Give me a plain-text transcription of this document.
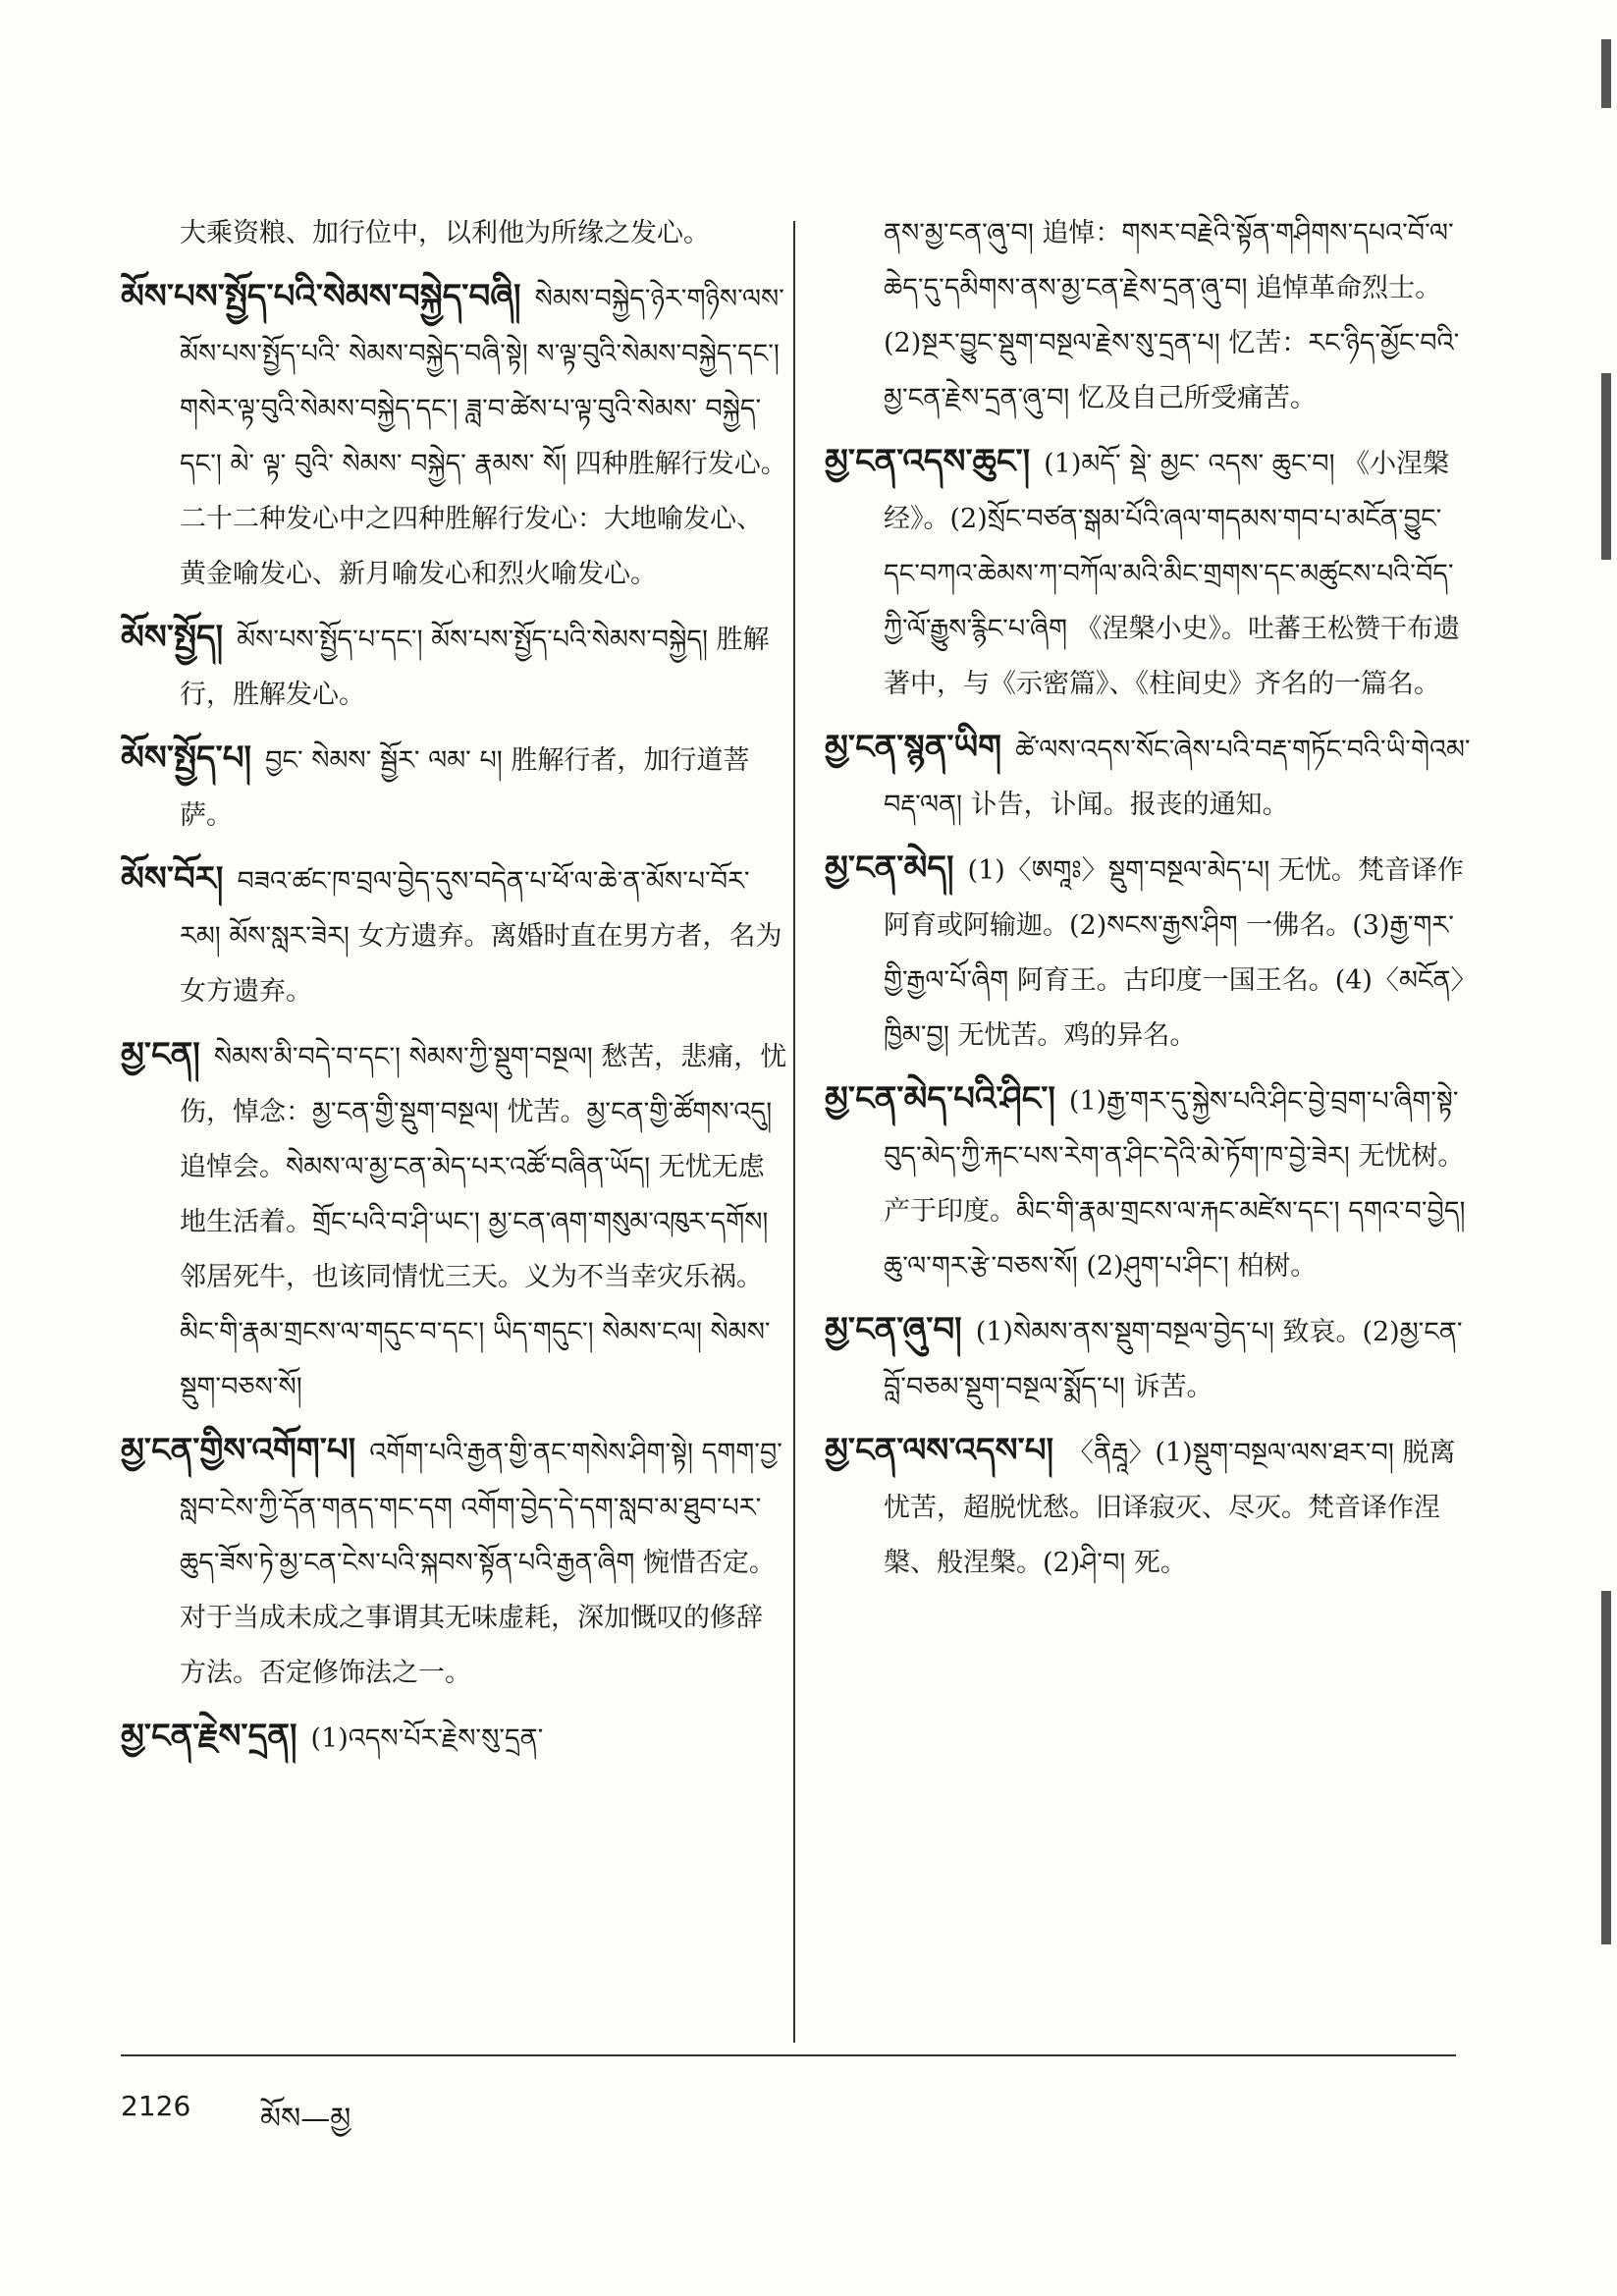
大乘资粮、加行位中，以利他为所缘之发心。
མོས་པས་སྤྱོད་པའི་སེམས་བསྐྱེད་བཞི། སེམས་བསྐྱེད་ཉེར་གཉིས་ལས་མོས་པས་སྤྱོད་པའི་ སེམས་བསྐྱེད་བཞི་སྟེ། ས་ལྟ་བུའི་སེམས་བསྐྱེད་དང་། གསེར་ལྟ་བུའི་སེམས་བསྐྱེད་དང་། ཟླ་བ་ཚེས་པ་ལྟ་བུའི་སེམས་ བསྐྱེད་ དང་། མེ་ ལྟ་ བུའི་ སེམས་ བསྐྱེད་ རྣམས་ སོ། 四种胜解行发心。二十二种发心中之四种胜解行发心：大地喻发心、黄金喻发心、新月喻发心和烈火喻发心。
མོས་སྤྱོད། མོས་པས་སྤྱོད་པ་དང་། མོས་པས་སྤྱོད་པའི་སེམས་བསྐྱེད། 胜解行，胜解发心。
མོས་སྤྱོད་པ། བྱང་ སེམས་ སྦྱོར་ ལམ་ པ། 胜解行者，加行道菩萨。
མོས་བོར། བཟའ་ཚང་ཁ་བྲལ་བྱེད་དུས་བདེན་པ་ཕོ་ལ་ཆེ་ན་མོས་པ་བོར་རམ། མོས་སླར་ཟེར། 女方遗弃。离婚时直在男方者，名为女方遗弃。
མྱ་ངན། སེམས་མི་བདེ་བ་དང་། སེམས་ཀྱི་སྡུག་བསྔལ། 愁苦，悲痛，忧伤，悼念：མྱ་ངན་གྱི་སྡུག་བསྔལ། 忧苦。མྱ་ངན་གྱི་ཚོགས་འདུ། 追悼会。སེམས་ལ་མྱ་ངན་མེད་པར་འཚོ་བཞིན་ཡོད། 无忧无虑地生活着。གྲོང་པའི་བ་ཤི་ཡང་། མྱ་ངན་ཞག་གསུམ་འཁུར་དགོས། 邻居死牛，也该同情忧三天。义为不当幸灾乐祸。མིང་གི་རྣམ་གྲངས་ལ་གདུང་བ་དང་། ཡིད་གདུང་། སེམས་ངལ། སེམས་སྡུག་བཅས་སོ།
མྱ་ངན་གྱིས་འགོག་པ། འགོག་པའི་རྒྱན་གྱི་ནང་གསེས་ཤིག་སྟེ། དགག་བྱ་སླབ་ངེས་ཀྱི་དོན་གནད་གང་དག འགོག་བྱེད་དེ་དག་སླབ་མ་ཐུབ་པར་ཆུད་ཟོས་ཏེ་མྱ་ངན་ངེས་པའི་སྐབས་སྟོན་པའི་རྒྱན་ཞིག 惋惜否定。对于当成未成之事谓其无味虚耗，深加慨叹的修辞方法。否定修饰法之一。
མྱ་ངན་རྗེས་དྲན། (1)འདས་པོར་རྗེས་སུ་དྲན་
ནས་མྱ་ངན་ཞུ་བ། 追悼：གསར་བརྗེའི་སྟོན་གཤིགས་དཔའ་བོ་ལ་ཆེད་དུ་དམིགས་ནས་མྱ་ངན་རྗེས་དྲན་ཞུ་བ། 追悼革命烈士。(2)སྔར་བྱུང་སྡུག་བསྔལ་རྗེས་སུ་དྲན་པ། 忆苦：རང་ཉིད་མྱོང་བའི་མྱ་ངན་རྗེས་དྲན་ཞུ་བ། 忆及自己所受痛苦。
མྱ་ངན་འདས་ཆུང་། (1)མདོ་ སྡེ་ མྱང་ འདས་ ཆུང་བ། 《小涅槃经》。(2)སྲོང་བཙན་སྒམ་པོའི་ཞལ་གདམས་གབ་པ་མངོན་བྱུང་དང་བཀའ་ཆེམས་ཀ་བཀོལ་མའི་མིང་གྲགས་དང་མཚུངས་པའི་བོད་ཀྱི་ལོ་རྒྱུས་རྙིང་པ་ཞིག 《涅槃小史》。吐蕃王松赞干布遗著中，与《示密篇》、《柱间史》齐名的一篇名。
མྱ་ངན་སྙན་ཡིག ཚེ་ལས་འདས་སོང་ཞེས་པའི་བརྡ་གཏོང་བའི་ཡི་གེའམ་བརྡ་ལན། 讣告，讣闻。报丧的通知。
མྱ་ངན་མེད། (1)〈ཨགཱཿ〉སྡུག་བསྔལ་མེད་པ། 无忧。梵音译作阿育或阿输迦。(2)སངས་རྒྱས་ཤིག 一佛名。(3)རྒྱ་གར་གྱི་རྒྱལ་པོ་ཞིག 阿育王。古印度一国王名。(4)〈མངོན〉ཁྱིམ་བྱ། 无忧苦。鸡的异名。
མྱ་ངན་མེད་པའི་ཤིང་། (1)རྒྱ་གར་དུ་སྐྱེས་པའི་ཤིང་བྱེ་བྲག་པ་ཞིག་སྟེ་བུད་མེད་ཀྱི་རྐང་པས་རེག་ན་ཤིང་དེའི་མེ་ཏོག་ཁ་བྱེ་ཟེར། 无忧树。产于印度。མིང་གི་རྣམ་གྲངས་ལ་རྐང་མཛེས་དང་། དགའ་བ་བྱེད། ཆུ་ལ་གར་རྩེ་བཅས་སོ། (2)ཤུག་པ་ཤིང་། 柏树。
མྱ་ངན་ཞུ་བ། (1)སེམས་ནས་སྡུག་བསྔལ་བྱེད་པ། 致哀。(2)མྱ་ངན་བློ་བཅམ་སྡུག་བསྔལ་སྨོད་པ། 诉苦。
མྱ་ངན་ལས་འདས་པ། 〈ནིརྦཱ〉(1)སྡུག་བསྔལ་ལས་ཐར་བ། 脱离忧苦，超脱忧愁。旧译寂灭、尽灭。梵音译作涅槃、般涅槃。(2)ཤི་བ། 死。
2126 མོས—མྱ
